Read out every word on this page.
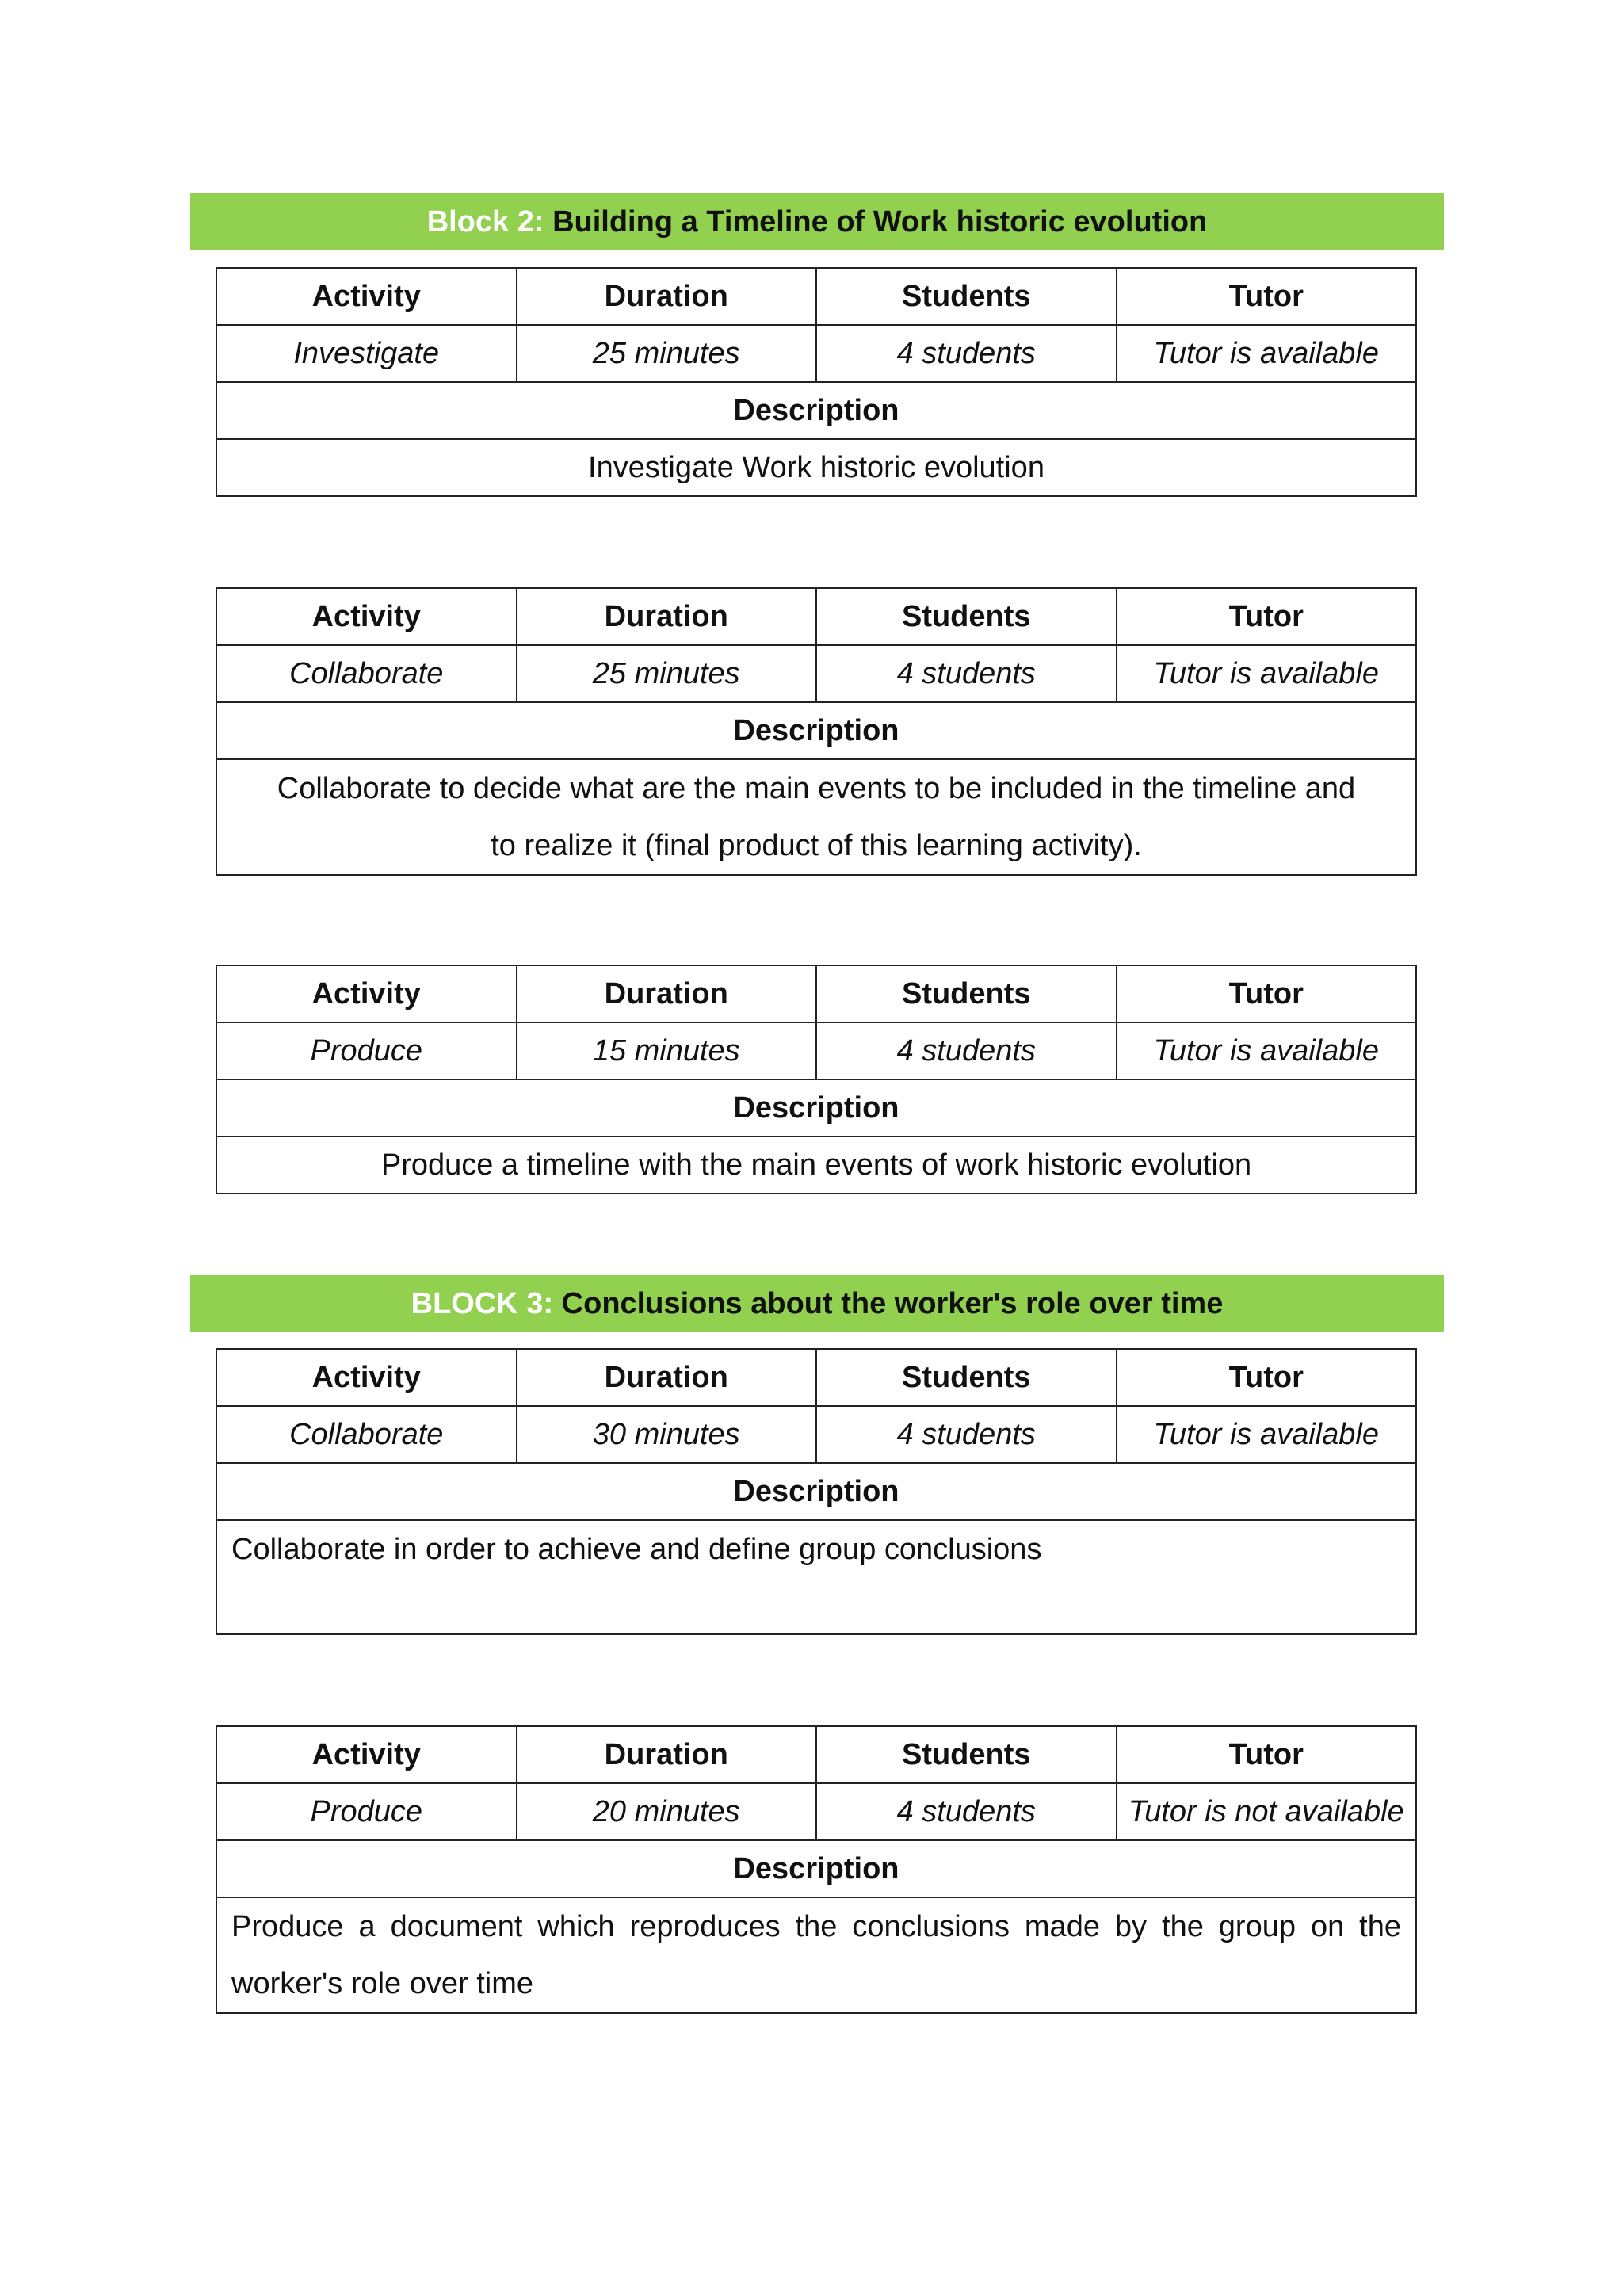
Block 2: Building a Timeline of Work historic evolution
Activity	Duration	Students	Tutor
Investigate	25 minutes	4 students	Tutor is available
Description			
Investigate Work historic evolution			
Activity	Duration	Students	Tutor
Collaborate	25 minutes	4 students	Tutor is available
Description			
Collaborate to decide what are the main events to be included in the timeline and to realize it (final product of this learning activity).			
Activity	Duration	Students	Tutor
Produce	15 minutes	4 students	Tutor is available
Description			
Produce a timeline with the main events of work historic evolution			
BLOCK 3: Conclusions about the worker's role over time
Activity	Duration	Students	Tutor
Collaborate	30 minutes	4 students	Tutor is available
Description			
Collaborate in order to achieve and define group conclusions			
Activity	Duration	Students	Tutor
Produce	20 minutes	4 students	Tutor is not available
Description			
Produce a document which reproduces the conclusions made by the group on the worker's role over time			
